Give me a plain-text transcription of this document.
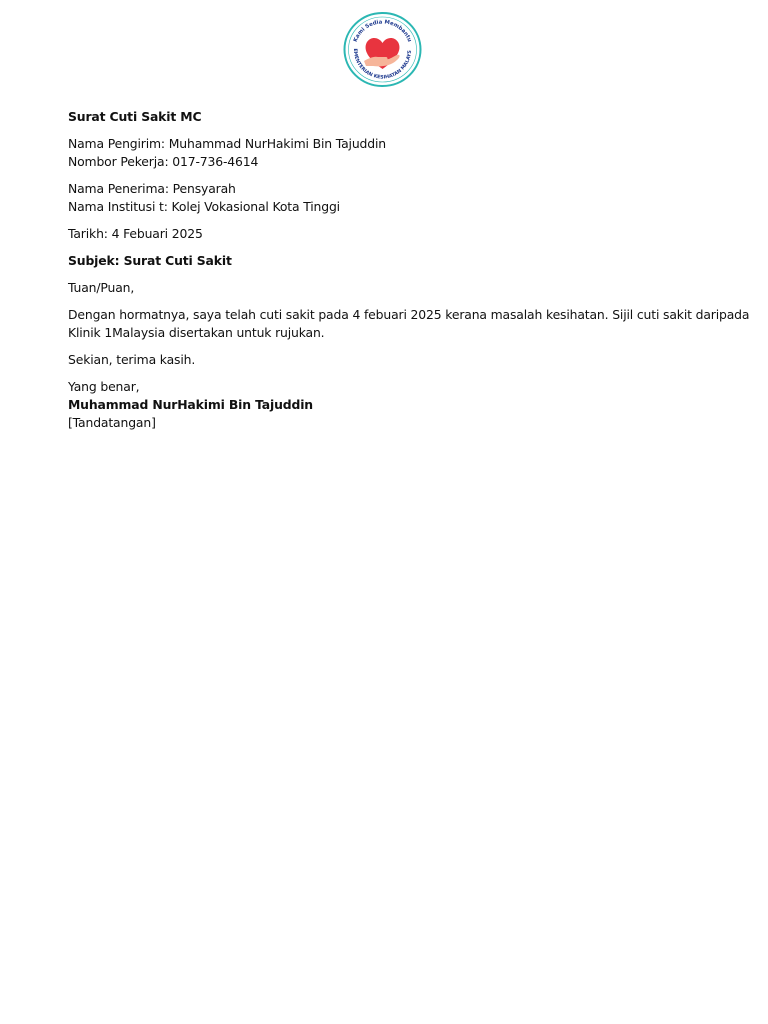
Kami Sedia Membantu
EMENTERIAN KESIHATAN MALAYS

Surat Cuti Sakit MC

Nama Pengirim: Muhammad NurHakimi Bin Tajuddin

Nombor Pekerja: 017-736-4614

Nama Penerima: Pensyarah

Nama Institusi t: Kolej Vokasional Kota Tinggi

Tarikh: 4 Febuari 2025

Subjek: Surat Cuti Sakit

Tuan/Puan,

Dengan hormatnya, saya telah cuti sakit pada 4 febuari 2025 kerana masalah kesihatan. Sijil cuti sakit daripada Klinik 1Malaysia disertakan untuk rujukan.

Sekian, terima kasih.

Yang benar,

Muhammad NurHakimi Bin Tajuddin

[Tandatangan]
